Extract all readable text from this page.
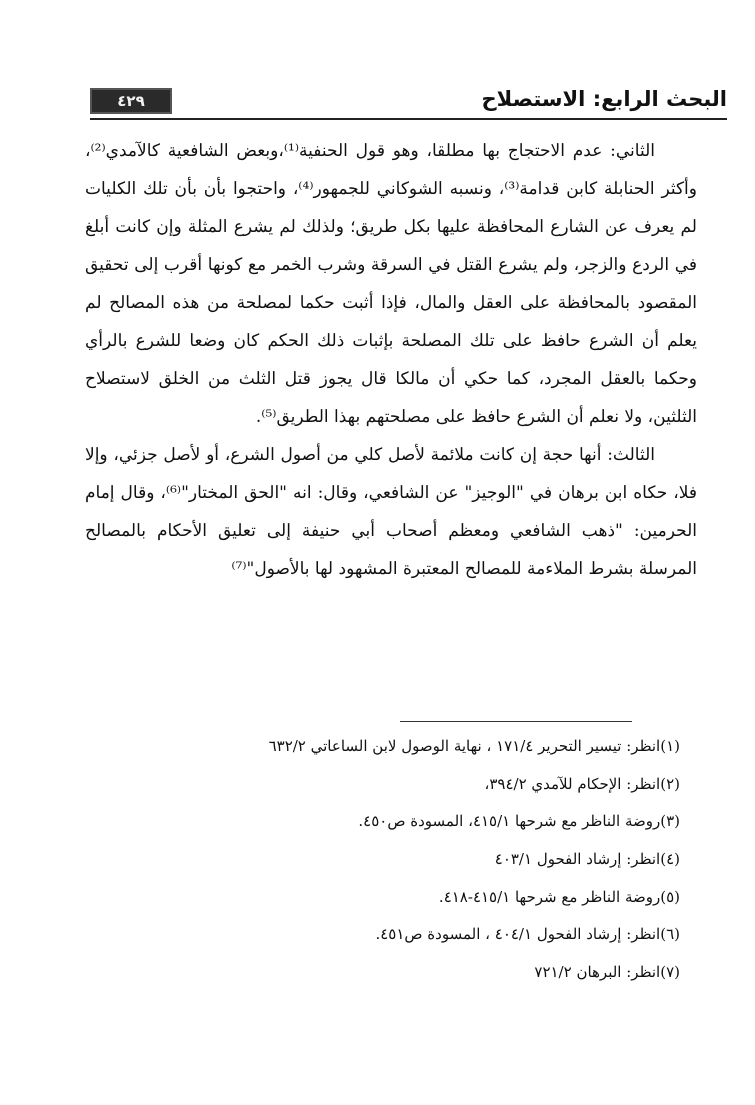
البحث الرابع: الاستصلاح
٤٢٩

الثاني: عدم الاحتجاج بها مطلقا، وهو قول الحنفية⁽¹⁾،وبعض الشافعية كالآمدي⁽²⁾، وأكثر الحنابلة كابن قدامة⁽³⁾، ونسبه الشوكاني للجمهور⁽⁴⁾، واحتجوا بأن بأن تلك الكليات لم يعرف عن الشارع المحافظة عليها بكل طريق؛ ولذلك لم يشرع المثلة وإن كانت أبلغ في الردع والزجر، ولم يشرع القتل في السرقة وشرب الخمر مع كونها أقرب إلى تحقيق المقصود بالمحافظة على العقل والمال، فإذا أثبت حكما لمصلحة من هذه المصالح لم يعلم أن الشرع حافظ على تلك المصلحة بإثبات ذلك الحكم كان وضعا للشرع بالرأي وحكما بالعقل المجرد، كما حكي أن مالكا قال يجوز قتل الثلث من الخلق لاستصلاح الثلثين، ولا نعلم أن الشرع حافظ على مصلحتهم بهذا الطريق⁽⁵⁾.

الثالث: أنها حجة إن كانت ملائمة لأصل كلي من أصول الشرع، أو لأصل جزئي، وإلا فلا، حكاه ابن برهان في "الوجيز" عن الشافعي، وقال: انه "الحق المختار"⁽⁶⁾، وقال إمام الحرمين: "ذهب الشافعي ومعظم أصحاب أبي حنيفة إلى تعليق الأحكام بالمصالح المرسلة بشرط الملاءمة للمصالح المعتبرة المشهود لها بالأصول"⁽⁷⁾

(١)انظر: تيسير التحرير ١٧١/٤ ، نهاية الوصول لابن الساعاتي ٦٣٢/٢
(٢)انظر: الإحكام للآمدي ٣٩٤/٢،
(٣)روضة الناظر مع شرحها ٤١٥/١، المسودة ص٤٥٠.
(٤)انظر: إرشاد الفحول ٤٠٣/١
(٥)روضة الناظر مع شرحها ٤١٥/١-٤١٨.
(٦)انظر: إرشاد الفحول ٤٠٤/١ ، المسودة ص٤٥١.
(٧)انظر: البرهان ٧٢١/٢
